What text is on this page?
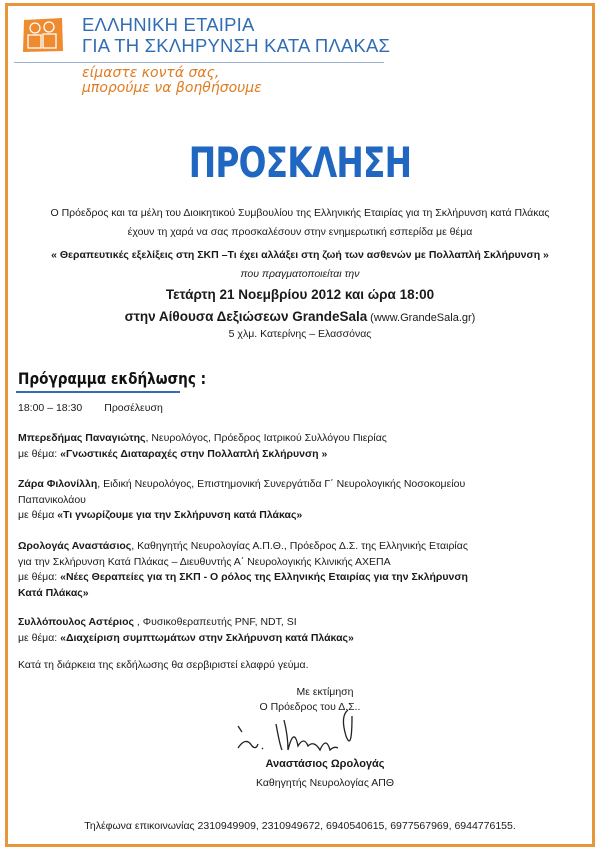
ΕΛΛΗΝΙΚΗ ΕΤΑΙΡΙΑ
ΓΙΑ ΤΗ ΣΚΛΗΡΥΝΣΗ ΚΑΤΑ ΠΛΑΚΑΣ
είμαστε κοντά σας,
μπορούμε να βοηθήσουμε
ΠΡΟΣΚΛΗΣΗ
Ο Πρόεδρος και τα μέλη του Διοικητικού Συμβουλίου της Ελληνικής Εταιρίας για τη Σκλήρυνση κατά Πλάκας
έχουν τη χαρά να σας προσκαλέσουν στην ενημερωτική εσπερίδα με θέμα
« Θεραπευτικές εξελίξεις στη ΣΚΠ –Τι έχει αλλάξει στη ζωή των ασθενών με Πολλαπλή Σκλήρυνση »
που πραγματοποιείται την
Τετάρτη 21 Νοεμβρίου 2012 και ώρα 18:00
στην Αίθουσα Δεξιώσεων GrandeSala (www.GrandeSala.gr)
5 χλμ. Κατερίνης – Ελασσόνας
Πρόγραμμα εκδήλωσης :
18:00 – 18:30 Προσέλευση
Μπερεδήμας Παναγιώτης, Νευρολόγος, Πρόεδρος Ιατρικού Συλλόγου Πιερίας
με θέμα: «Γνωστικές Διαταραχές στην Πολλαπλή Σκλήρυνση »
Ζάρα Φιλονίλλη, Ειδική Νευρολόγος, Επιστημονική Συνεργάτιδα Γ΄ Νευρολογικής Νοσοκομείου
Παπανικολάου
με θέμα «Τι γνωρίζουμε για την Σκλήρυνση κατά Πλάκας»
Ωρολογάς Αναστάσιος, Καθηγητής Νευρολογίας Α.Π.Θ., Πρόεδρος Δ.Σ. της Ελληνικής Εταιρίας
για την Σκλήρυνση Κατά Πλάκας – Διευθυντής Α΄ Νευρολογικής Κλινικής ΑΧΕΠΑ
με θέμα: «Νέες Θεραπείες για τη ΣΚΠ - Ο ρόλος της Ελληνικής Εταιρίας για την Σκλήρυνση
Κατά Πλάκας»
Συλλόπουλος Αστέριος , Φυσικοθεραπευτής PNF, NDT, SI
με θέμα: «Διαχείριση συμπτωμάτων στην Σκλήρυνση κατά Πλάκας»
Κατά τη διάρκεια της εκδήλωσης θα σερβιριστεί ελαφρύ γεύμα.
Με εκτίμηση
Ο Πρόεδρος του Δ.Σ..
Αναστάσιος Ωρολογάς
Καθηγητής Νευρολογίας ΑΠΘ
Τηλέφωνα επικοινωνίας 2310949909, 2310949672, 6940540615, 6977567969, 6944776155.
